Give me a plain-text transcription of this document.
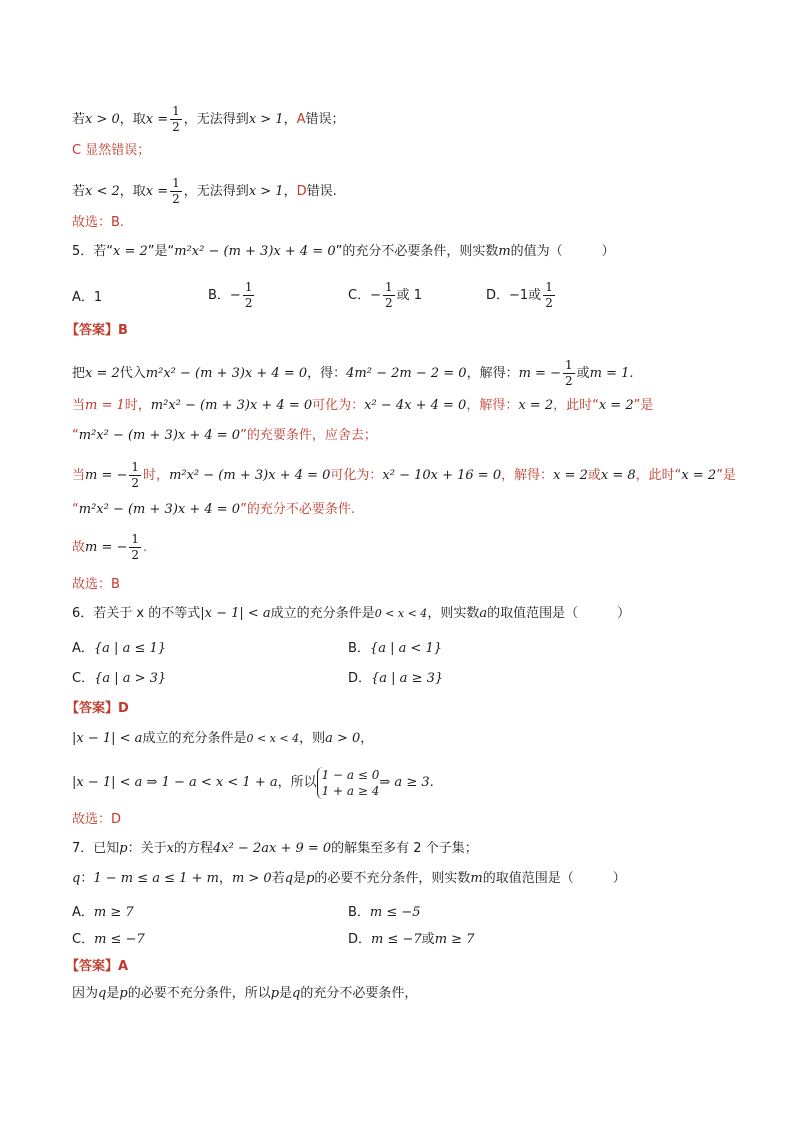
若x > 0，取$x = \frac{1}{2}$ ，无法得到x > 1，A错误；
C 显然错误；
若x < 2，取$x = \frac{1}{2}$ ，无法得到x > 1，D错误.
故选：B.
5．若“x = 2”是“m²x² − (m + 3)x + 4 = 0”的充分不必要条件，则实数m的值为（　　　）
A．1	B．− $\frac{1}{2}$	C．− $\frac{1}{2}$ 或 1	D．−1或 $\frac{1}{2}$
【答案】B
把x = 2代入m²x² − (m + 3)x + 4 = 0，得：4m² − 2m − 2 = 0，解得：m = − $\frac{1}{2}$ 或m = 1.
当m = 1时，m²x² − (m + 3)x + 4 = 0可化为：x² − 4x + 4 = 0，解得：x = 2，此时“x = 2”是
“m²x² − (m + 3)x + 4 = 0”的充要条件，应舍去；
当m = − $\frac{1}{2}$ 时，m²x² − (m + 3)x + 4 = 0可化为：x² − 10x + 16 = 0，解得：x = 2或x = 8，此时“x = 2”是
“m²x² − (m + 3)x + 4 = 0”的充分不必要条件.
故m = − $\frac{1}{2}$ .
故选：B
6．若关于 x 的不等式|x − 1| < a成立的充分条件是0 < x < 4，则实数a的取值范围是（　　　）
A．{a | a ≤ 1}	B．{a | a < 1}
C．{a | a > 3}	D．{a | a ≥ 3}
【答案】D
|x − 1| < a成立的充分条件是0 < x < 4，则a > 0，
|x − 1| < a ⇒ 1 − a < x < 1 + a，所以
1 − a ≤ 0
1 + a ≥ 4
⇒ a ≥ 3.
故选：D
7．已知p：关于x的方程4x² − 2ax + 9 = 0的解集至多有 2 个子集；
q：1 − m ≤ a ≤ 1 + m，m > 0若q是p的必要不充分条件，则实数m的取值范围是（　　　）
A．m ≥ 7	B．m ≤ −5
C．m ≤ −7	D．m ≤ −7或m ≥ 7
【答案】A
因为q是p的必要不充分条件，所以p是q的充分不必要条件，
